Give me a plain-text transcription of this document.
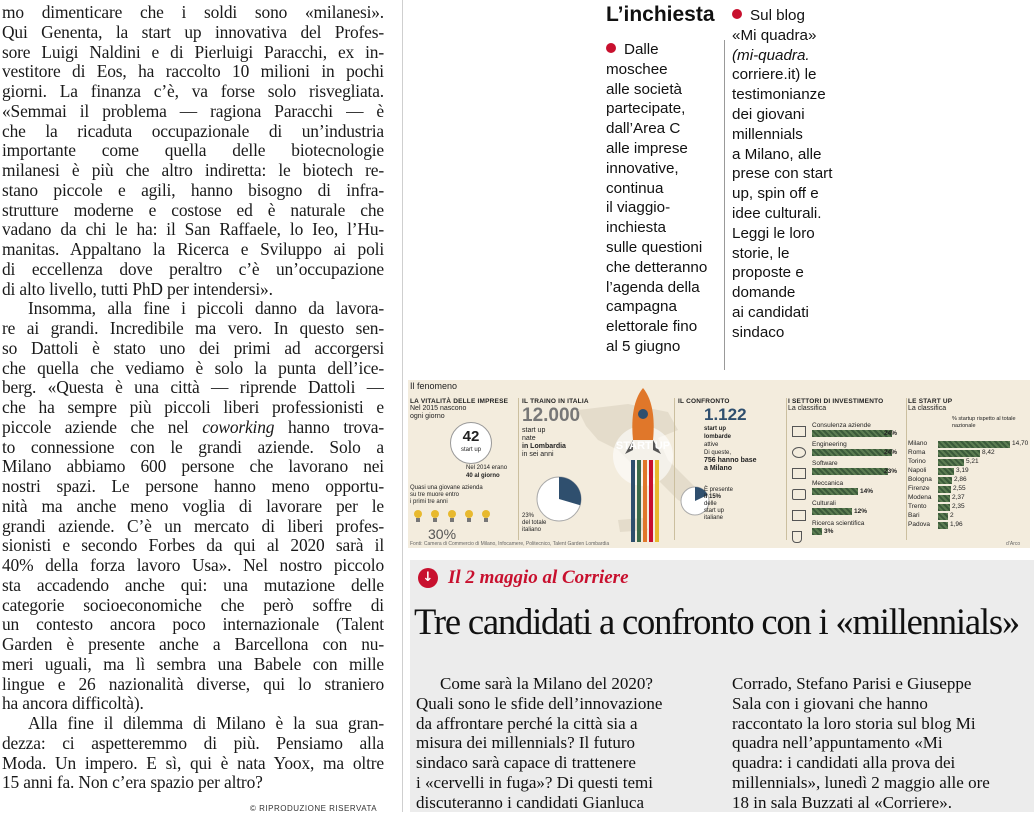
mo dimenticare che i soldi sono «milanesi».
Qui Genenta, la start up innovativa del Profes-
sore Luigi Naldini e di Pierluigi Paracchi, ex in-
vestitore di Eos, ha raccolto 10 milioni in pochi
giorni. La finanza c’è, va forse solo risvegliata.
«Semmai il problema — ragiona Paracchi — è
che la ricaduta occupazionale di un’industria
importante come quella delle biotecnologie
milanesi è più che altro indiretta: le biotech re-
stano piccole e agili, hanno bisogno di infra-
strutture moderne e costose ed è naturale che
vadano da chi le ha: il San Raffaele, lo Ieo, l’Hu-
manitas. Appaltano la Ricerca e Sviluppo ai poli
di eccellenza dove peraltro c’è un’occupazione
di alto livello, tutti PhD per intendersi».
Insomma, alla fine i piccoli danno da lavora-
re ai grandi. Incredibile ma vero. In questo sen-
so Dattoli è stato uno dei primi ad accorgersi
che quella che vediamo è solo la punta dell’ice-
berg. «Questa è una città — riprende Dattoli —
che ha sempre più piccoli liberi professionisti e
piccole aziende che nel coworking hanno trova-
to connessione con le grandi aziende. Solo a
Milano abbiamo 600 persone che lavorano nei
nostri spazi. Le persone hanno meno opportu-
nità ma anche meno voglia di lavorare per le
grandi aziende. C’è un mercato di liberi profes-
sionisti e secondo Forbes da qui al 2020 sarà il
40% della forza lavoro Usa». Nel nostro piccolo
sta accadendo anche qui: una mutazione delle
categorie socioeconomiche che però soffre di
un contesto ancora poco internazionale (Talent
Garden è presente anche a Barcellona con nu-
meri uguali, ma lì sembra una Babele con mille
lingue e 26 nazionalità diverse, qui lo straniero
ha ancora difficoltà).
Alla fine il dilemma di Milano è la sua gran-
dezza: ci aspetteremmo di più. Pensiamo alla
Moda. Un impero. E sì, qui è nata Yoox, ma oltre
15 anni fa. Non c’era spazio per altro?
© RIPRODUZIONE RISERVATA
L’inchiesta
Dalle
moschee
alle società
partecipate,
dall’Area C
alle imprese
innovative,
continua
il viaggio-
inchiesta
sulle questioni
che detteranno
l’agenda della
campagna
elettorale fino
al 5 giugno
Sul blog
«Mi quadra»
(mi-quadra.
corriere.it) le
testimonianze
dei giovani
millennials
a Milano, alle
prese con start
up, spin off e
idee culturali.
Leggi le loro
storie, le
proposte e
domande
ai candidati
sindaco
Il fenomeno
LA VITALITÀ DELLE IMPRESE
Nel 2015 nascono
ogni giorno
42
start up
Nel 2014 erano
40 al giorno
Quasi una giovane azienda
su tre muore entro
i primi tre anni
30%
IL TRAINO IN ITALIA
12.000
start up
nate
in Lombardia
in sei anni
23%
del totale
italiano
START UP
IL CONFRONTO
1.122
start up
lombarde
attive
Di queste,
756 hanno base
a Milano
È presente
il 15%
delle
start up
italiane
I SETTORI DI INVESTIMENTO
La classifica
Consulenza aziende
24%
Engineering
24%
Software
23%
Meccanica
14%
Culturali
12%
Ricerca scientifica
3%
LE START UP
La classifica
% startup rispetto al totale nazionale
Milano	14,70
Roma	8,42
Torino	5,21
Napoli	3,19
Bologna	2,86
Firenze	2,55
Modena	2,37
Trento	2,35
Bari	2
Padova	1,96
Fonti: Camera di Commercio di Milano, Infocamere, Politecnico, Talent Garden Lombardia	d’Arco
↓ Il 2 maggio al Corriere
Tre candidati a confronto con i «millennials»
Come sarà la Milano del 2020?
Quali sono le sfide dell’innovazione
da affrontare perché la città sia a
misura dei millennials? Il futuro
sindaco sarà capace di trattenere
i «cervelli in fuga»? Di questi temi
discuteranno i candidati Gianluca
Corrado, Stefano Parisi e Giuseppe
Sala con i giovani che hanno
raccontato la loro storia sul blog Mi
quadra nell’appuntamento «Mi
quadra: i candidati alla prova dei
millennials», lunedì 2 maggio alle ore
18 in sala Buzzati al «Corriere».
